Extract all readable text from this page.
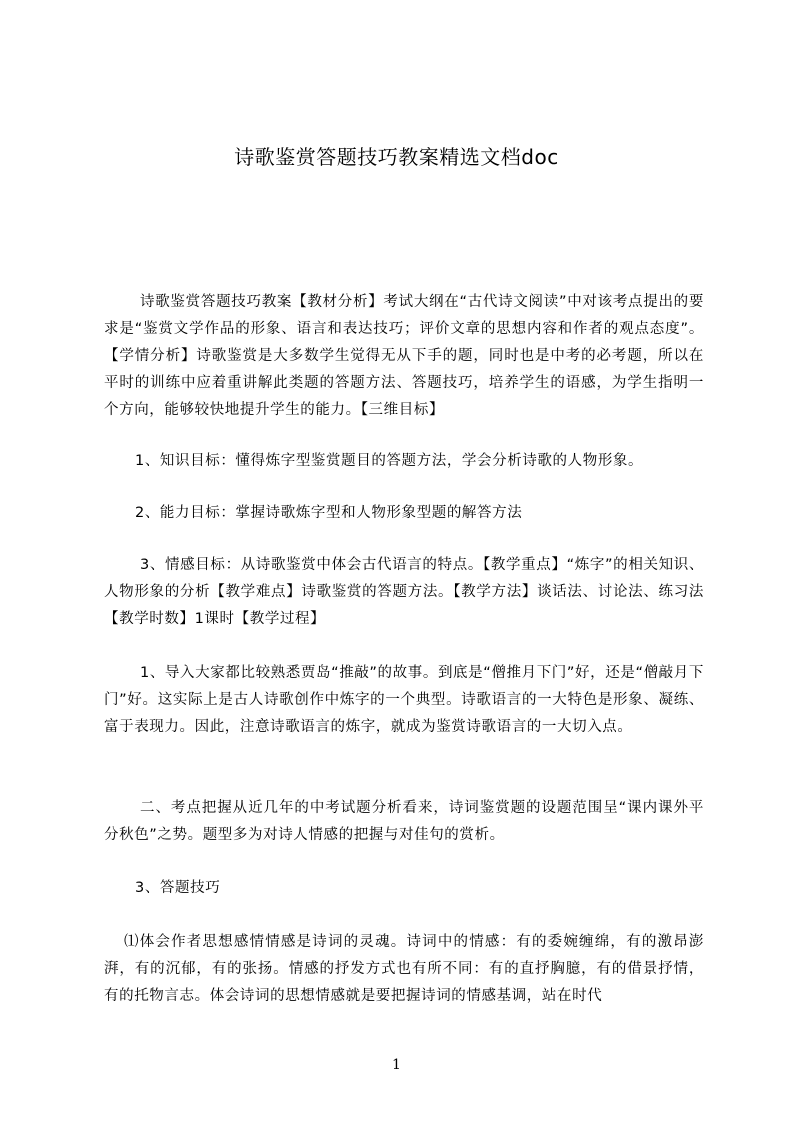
诗歌鉴赏答题技巧教案精选文档doc

诗歌鉴赏答题技巧教案【教材分析】考试大纲在“古代诗文阅读”中对该考点提出的要求是“鉴赏文学作品的形象、语言和表达技巧；评价文章的思想内容和作者的观点态度”。【学情分析】诗歌鉴赏是大多数学生觉得无从下手的题，同时也是中考的必考题，所以在平时的训练中应着重讲解此类题的答题方法、答题技巧，培养学生的语感，为学生指明一个方向，能够较快地提升学生的能力。【三维目标】

1、知识目标：懂得炼字型鉴赏题目的答题方法，学会分析诗歌的人物形象。

2、能力目标：掌握诗歌炼字型和人物形象型题的解答方法

3、情感目标：从诗歌鉴赏中体会古代语言的特点。【教学重点】“炼字”的相关知识、人物形象的分析【教学难点】诗歌鉴赏的答题方法。【教学方法】谈话法、讨论法、练习法【教学时数】1课时【教学过程】

1、导入大家都比较熟悉贾岛“推敲”的故事。到底是“僧推月下门”好，还是“僧敲月下门”好。这实际上是古人诗歌创作中炼字的一个典型。诗歌语言的一大特色是形象、凝练、富于表现力。因此，注意诗歌语言的炼字，就成为鉴赏诗歌语言的一大切入点。

二、考点把握从近几年的中考试题分析看来，诗词鉴赏题的设题范围呈“课内课外平分秋色”之势。题型多为对诗人情感的把握与对佳句的赏析。

3、答题技巧

⑴体会作者思想感情情感是诗词的灵魂。诗词中的情感：有的委婉缠绵，有的激昂澎湃，有的沉郁，有的张扬。情感的抒发方式也有所不同：有的直抒胸臆，有的借景抒情，有的托物言志。体会诗词的思想情感就是要把握诗词的情感基调，站在时代

1
